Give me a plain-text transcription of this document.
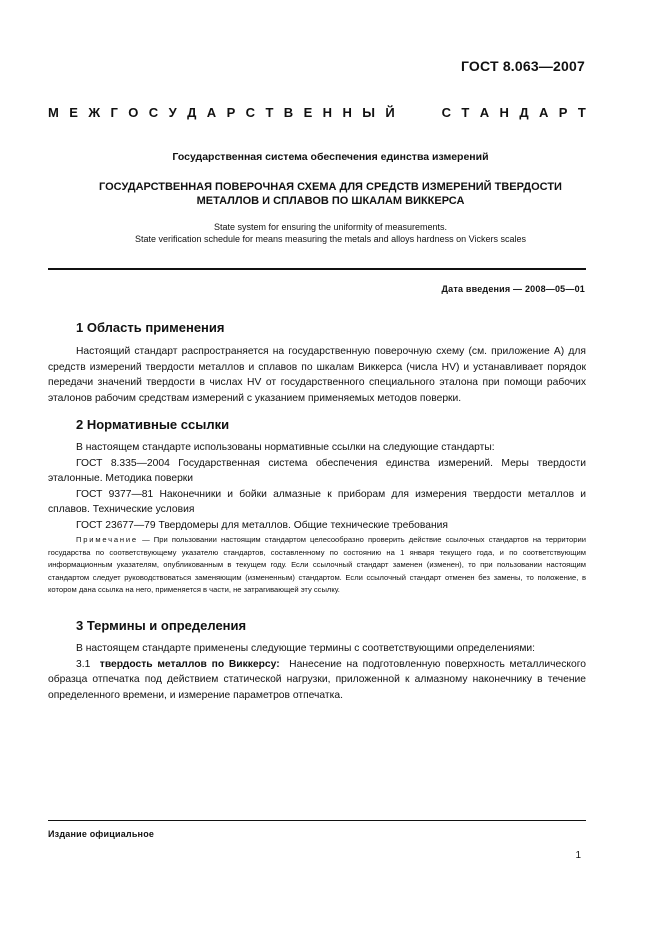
ГОСТ 8.063—2007
М Е Ж Г О С У Д А Р С Т В Е Н Н Ы Й	С Т А Н Д А Р Т
Государственная система обеспечения единства измерений
ГОСУДАРСТВЕННАЯ ПОВЕРОЧНАЯ СХЕМА ДЛЯ СРЕДСТВ ИЗМЕРЕНИЙ ТВЕРДОСТИ
МЕТАЛЛОВ И СПЛАВОВ ПО ШКАЛАМ ВИККЕРСА
State system for ensuring the uniformity of measurements.
State verification schedule for means measuring the metals and alloys hardness on Vickers scales
Дата введения — 2008—05—01
1 Область применения

Настоящий стандарт распространяется на государственную поверочную схему (см. приложение А) для средств измерений твердости металлов и сплавов по шкалам Виккерса (числа HV) и устанавливает порядок передачи значений твердости в числах HV от государственного специального эталона при помощи рабочих эталонов рабочим средствам измерений с указанием применяемых методов поверки.

2 Нормативные ссылки

В настоящем стандарте использованы нормативные ссылки на следующие стандарты:

ГОСТ 8.335—2004 Государственная система обеспечения единства измерений. Меры твердости эталонные. Методика поверки

ГОСТ 9377—81 Наконечники и бойки алмазные к приборам для измерения твердости металлов и сплавов. Технические условия

ГОСТ 23677—79 Твердомеры для металлов. Общие технические требования

Примечание — При пользовании настоящим стандартом целесообразно проверить действие ссылочных стандартов на территории государства по соответствующему указателю стандартов, составленному по состоянию на 1 января текущего года, и по соответствующим информационным указателям, опубликованным в текущем году. Если ссылочный стандарт заменен (изменен), то при пользовании настоящим стандартом следует руководствоваться заменяющим (измененным) стандартом. Если ссылочный стандарт отменен без замены, то положение, в котором дана ссылка на него, применяется в части, не затрагивающей эту ссылку.

3 Термины и определения

В настоящем стандарте применены следующие термины с соответствующими определениями:

3.1 твердость металлов по Виккерсу: Нанесение на подготовленную поверхность металлического образца отпечатка под действием статической нагрузки, приложенной к алмазному наконечнику в течение определенного времени, и измерение параметров отпечатка.

Издание официальное
1
